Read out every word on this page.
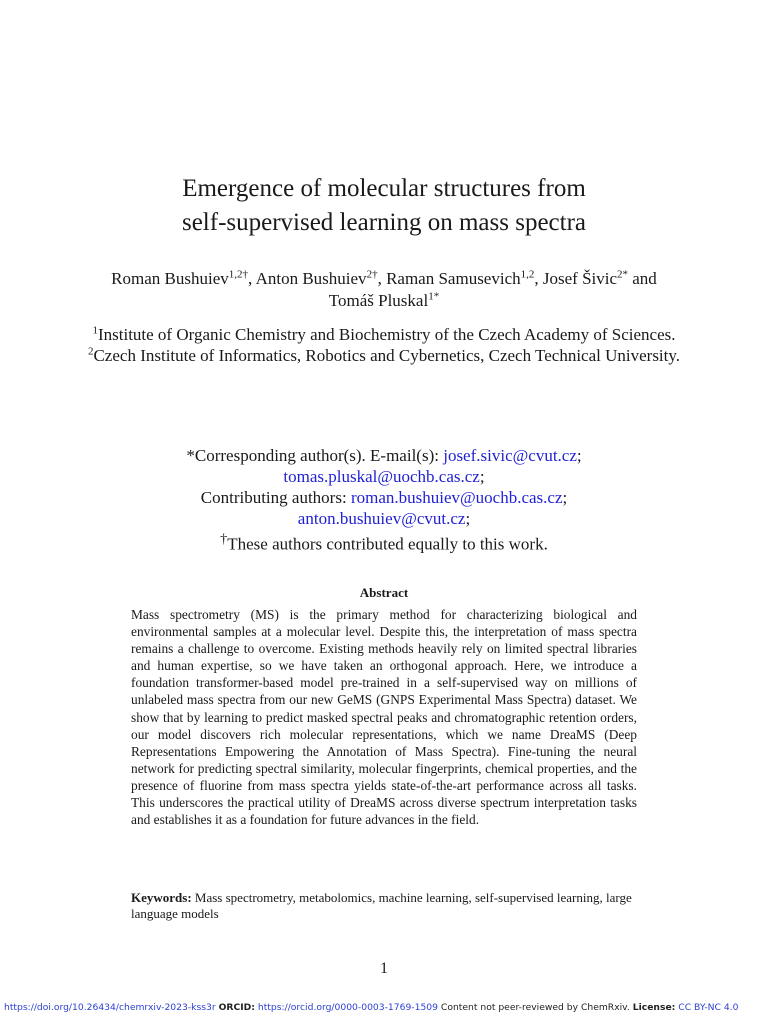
Emergence of molecular structures from
self-supervised learning on mass spectra
Roman Bushuiev$^{1,2\dagger}$, Anton Bushuiev$^{2\dagger}$, Raman Samusevich$^{1,2}$, Josef Šivic$^{2*}$ and Tomáš Pluskal$^{1*}$
$^1$Institute of Organic Chemistry and Biochemistry of the Czech Academy of Sciences.
$^2$Czech Institute of Informatics, Robotics and Cybernetics, Czech Technical University.
*Corresponding author(s). E-mail(s): josef.sivic@cvut.cz;
tomas.pluskal@uochb.cas.cz;
Contributing authors: roman.bushuiev@uochb.cas.cz;
anton.bushuiev@cvut.cz;
†These authors contributed equally to this work.
Abstract
Mass spectrometry (MS) is the primary method for characterizing biological and environmental samples at a molecular level. Despite this, the interpretation of mass spectra remains a challenge to overcome. Existing methods heavily rely on limited spectral libraries and human expertise, so we have taken an orthogonal approach. Here, we introduce a foundation transformer-based model pre-trained in a self-supervised way on millions of unlabeled mass spectra from our new GeMS (GNPS Experimental Mass Spectra) dataset. We show that by learning to predict masked spectral peaks and chromatographic retention orders, our model discovers rich molecular representations, which we name DreaMS (Deep Representations Empowering the Annotation of Mass Spectra). Fine-tuning the neural network for predicting spectral similarity, molecular fingerprints, chemical properties, and the presence of fluorine from mass spectra yields state-of-the-art performance across all tasks. This underscores the practical utility of DreaMS across diverse spectrum interpretation tasks and establishes it as a foundation for future advances in the field.
Keywords: Mass spectrometry, metabolomics, machine learning, self-supervised learning, large language models
1
https://doi.org/10.26434/chemrxiv-2023-kss3r ORCID: https://orcid.org/0000-0003-1769-1509 Content not peer-reviewed by ChemRxiv. License: CC BY-NC 4.0
